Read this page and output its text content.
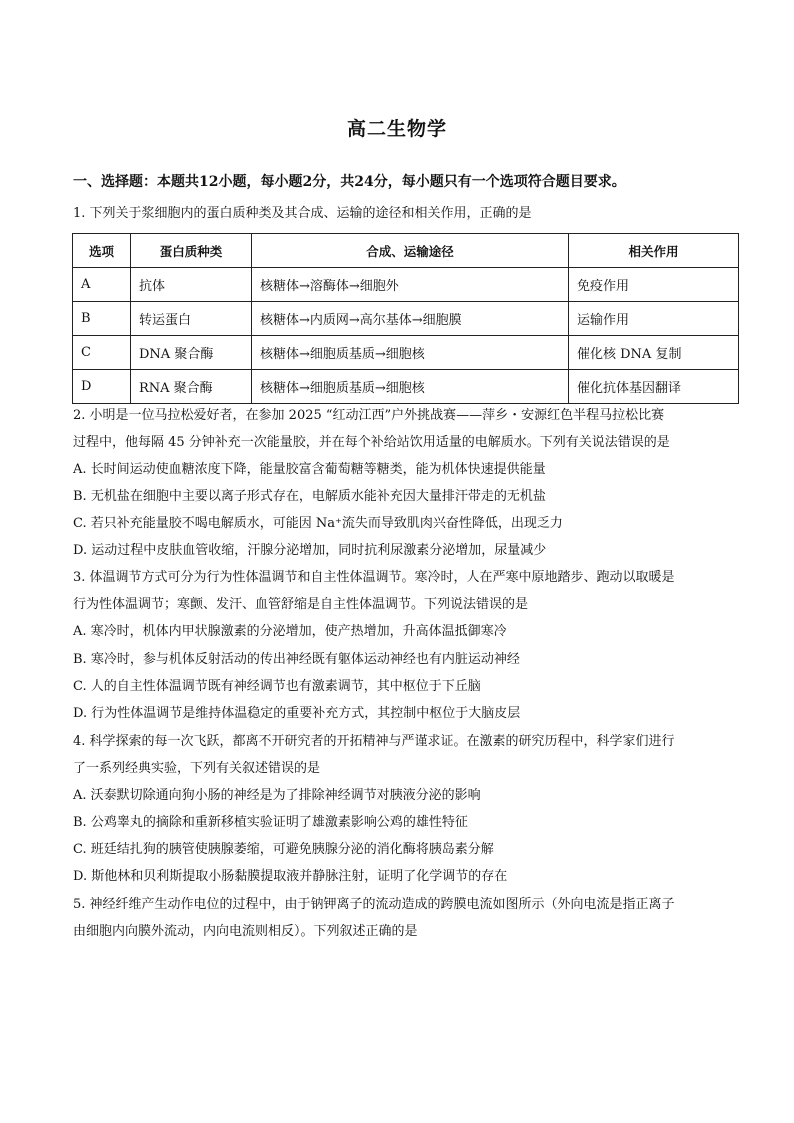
高二生物学
一、选择题：本题共12小题，每小题2分，共24分，每小题只有一个选项符合题目要求。
1. 下列关于浆细胞内的蛋白质种类及其合成、运输的途径和相关作用，正确的是
选项	蛋白质种类	合成、运输途径	相关作用
A	抗体	核糖体→溶酶体→细胞外	免疫作用
B	转运蛋白	核糖体→内质网→高尔基体→细胞膜	运输作用
C	DNA 聚合酶	核糖体→细胞质基质→细胞核	催化核 DNA 复制
D	RNA 聚合酶	核糖体→细胞质基质→细胞核	催化抗体基因翻译
2. 小明是一位马拉松爱好者，在参加 2025 “红动江西”户外挑战赛——萍乡・安源红色半程马拉松比赛
过程中，他每隔 45 分钟补充一次能量胶，并在每个补给站饮用适量的电解质水。下列有关说法错误的是
A. 长时间运动使血糖浓度下降，能量胶富含葡萄糖等糖类，能为机体快速提供能量
B. 无机盐在细胞中主要以离子形式存在，电解质水能补充因大量排汗带走的无机盐
C. 若只补充能量胶不喝电解质水，可能因 Na⁺流失而导致肌肉兴奋性降低，出现乏力
D. 运动过程中皮肤血管收缩，汗腺分泌增加，同时抗利尿激素分泌增加，尿量减少
3. 体温调节方式可分为行为性体温调节和自主性体温调节。寒冷时，人在严寒中原地踏步、跑动以取暖是
行为性体温调节；寒颤、发汗、血管舒缩是自主性体温调节。下列说法错误的是
A. 寒冷时，机体内甲状腺激素的分泌增加，使产热增加，升高体温抵御寒冷
B. 寒冷时，参与机体反射活动的传出神经既有躯体运动神经也有内脏运动神经
C. 人的自主性体温调节既有神经调节也有激素调节，其中枢位于下丘脑
D. 行为性体温调节是维持体温稳定的重要补充方式，其控制中枢位于大脑皮层
4. 科学探索的每一次飞跃，都离不开研究者的开拓精神与严谨求证。在激素的研究历程中，科学家们进行
了一系列经典实验，下列有关叙述错误的是
A. 沃泰默切除通向狗小肠的神经是为了排除神经调节对胰液分泌的影响
B. 公鸡睾丸的摘除和重新移植实验证明了雄激素影响公鸡的雄性特征
C. 班廷结扎狗的胰管使胰腺萎缩，可避免胰腺分泌的消化酶将胰岛素分解
D. 斯他林和贝利斯提取小肠黏膜提取液并静脉注射，证明了化学调节的存在
5. 神经纤维产生动作电位的过程中，由于钠钾离子的流动造成的跨膜电流如图所示（外向电流是指正离子
由细胞内向膜外流动，内向电流则相反）。下列叙述正确的是
